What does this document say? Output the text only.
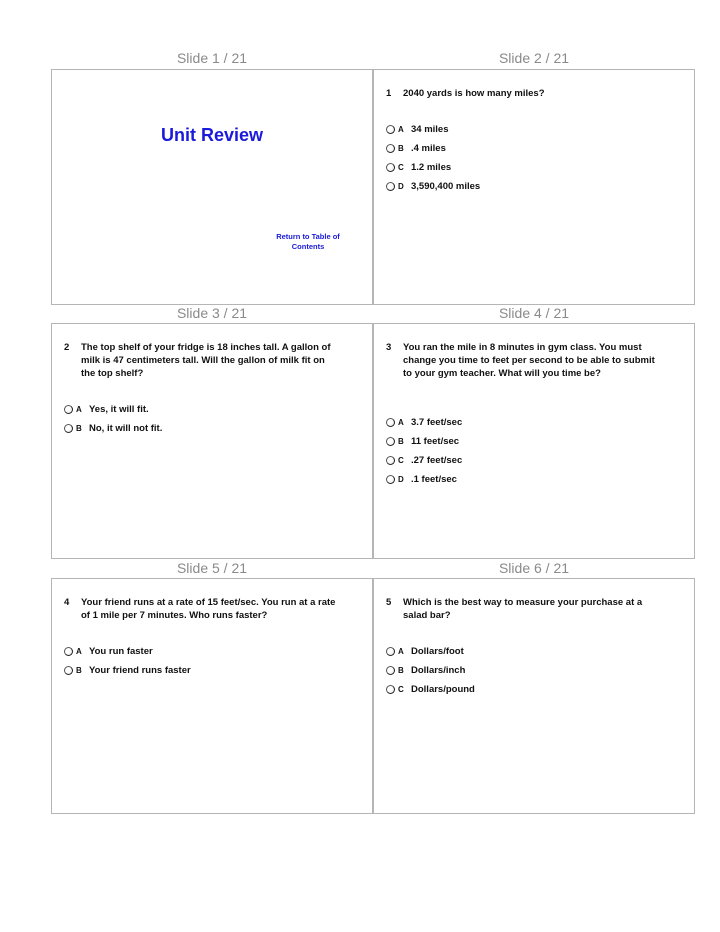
Slide 1 / 21	Slide 2 / 21
Slide 3 / 21	Slide 4 / 21
Slide 5 / 21	Slide 6 / 21
Unit Review
Return to Table of Contents
1	2040 yards is how many miles?
A 34 miles
B .4 miles
C 1.2 miles
D 3,590,400 miles
2	The top shelf of your fridge is 18 inches tall. A gallon of milk is 47 centimeters tall. Will the gallon of milk fit on the top shelf?
A Yes, it will fit.
B No, it will not fit.
3	You ran the mile in 8 minutes in gym class. You must change you time to feet per second to be able to submit to your gym teacher. What will you time be?
A 3.7 feet/sec
B 11 feet/sec
C .27 feet/sec
D .1 feet/sec
4	Your friend runs at a rate of 15 feet/sec. You run at a rate of 1 mile per 7 minutes. Who runs faster?
A You run faster
B Your friend runs faster
5	Which is the best way to measure your purchase at a salad bar?
A Dollars/foot
B Dollars/inch
C Dollars/pound
